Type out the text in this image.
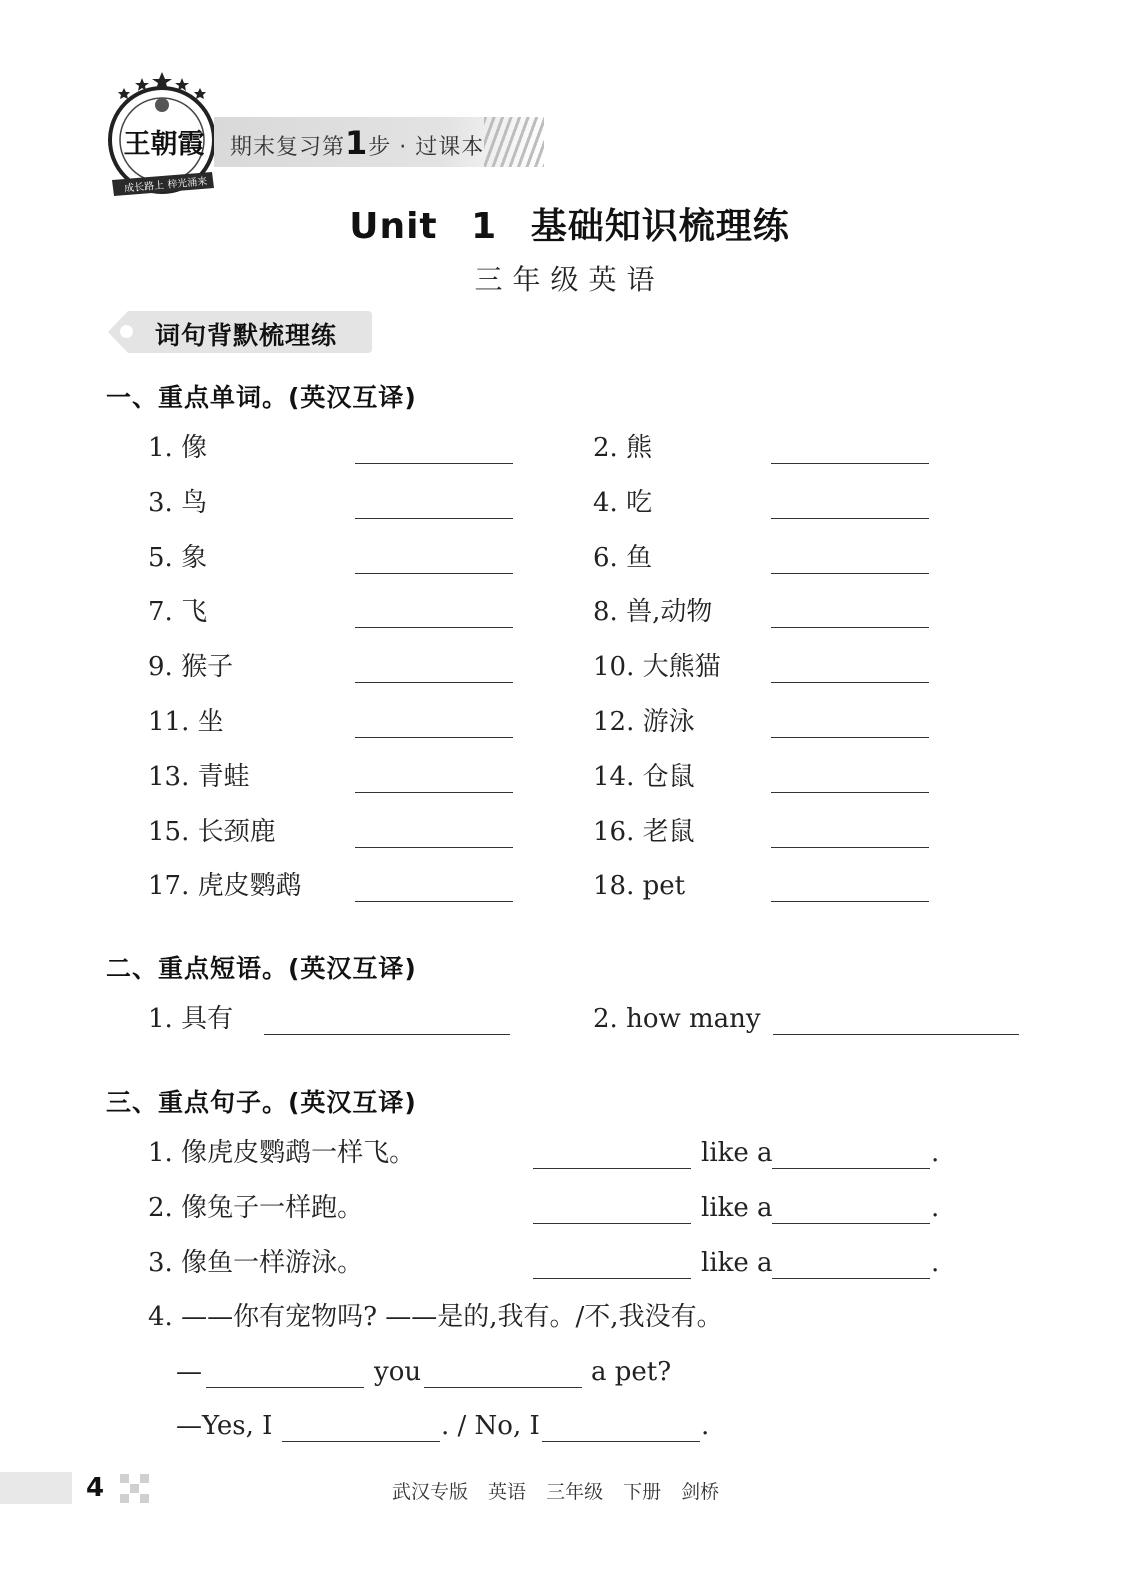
王朝霞
成长路上 梓光涌来
期末复习第1步 · 过课本
Unit 1 基础知识梳理练
三年级英语
词句背默梳理练
一、重点单词。(英汉互译)
1. 像	2. 熊
3. 鸟	4. 吃
5. 象	6. 鱼
7. 飞	8. 兽,动物
9. 猴子	10. 大熊猫
11. 坐	12. 游泳
13. 青蛙	14. 仓鼠
15. 长颈鹿	16. 老鼠
17. 虎皮鹦鹉	18. pet
二、重点短语。(英汉互译)
1. 具有	2. how many
三、重点句子。(英汉互译)
1. 像虎皮鹦鹉一样飞。	like a	.
2. 像兔子一样跑。	like a	.
3. 像鱼一样游泳。	like a	.
4. ——你有宠物吗? ——是的,我有。/不,我没有。
—	you	a pet?
—Yes, I	. / No, I	.
4	武汉专版 英语 三年级 下册 剑桥
